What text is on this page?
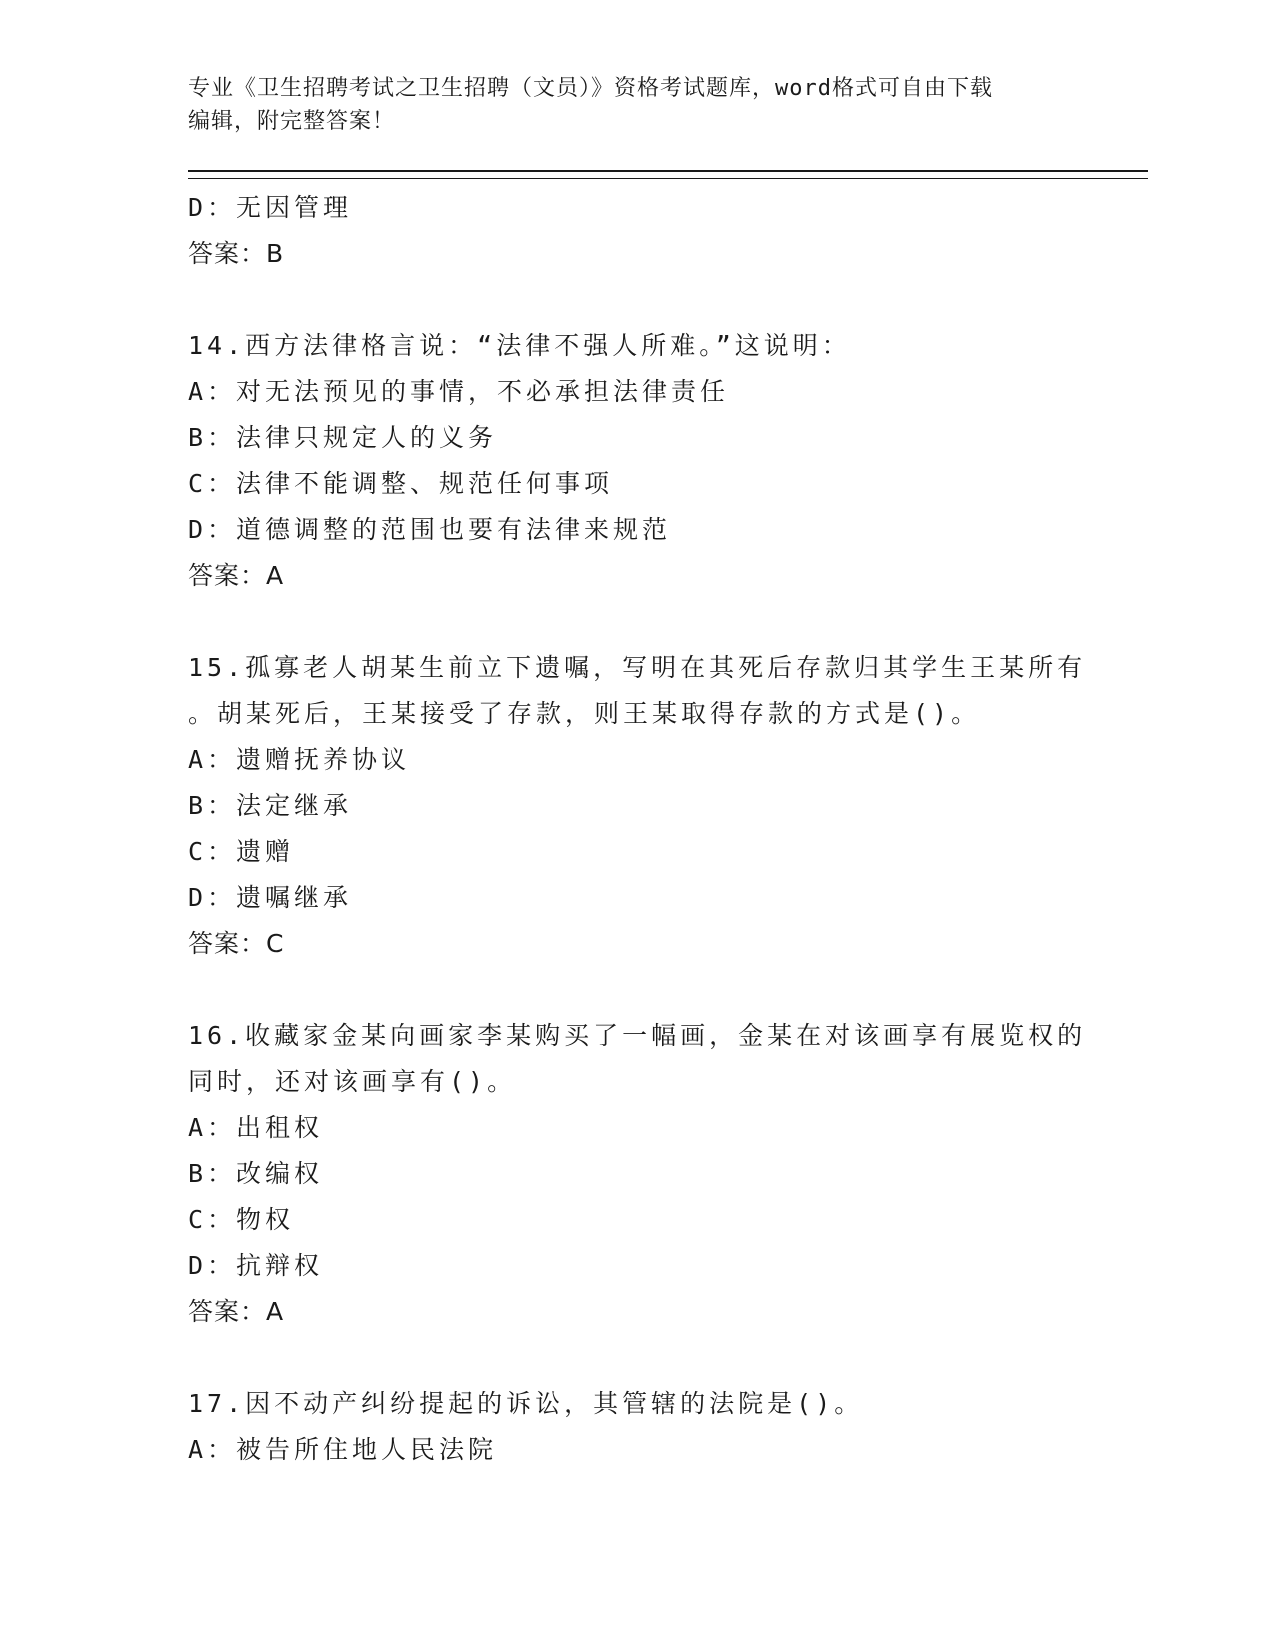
专业《卫生招聘考试之卫生招聘（文员）》资格考试题库，word格式可自由下载
编辑，附完整答案！
D：无因管理
答案：B
14.西方法律格言说：“法律不强人所难。”这说明：
A：对无法预见的事情，不必承担法律责任
B：法律只规定人的义务
C：法律不能调整、规范任何事项
D：道德调整的范围也要有法律来规范
答案：A
15.孤寡老人胡某生前立下遗嘱，写明在其死后存款归其学生王某所有
。胡某死后，王某接受了存款，则王某取得存款的方式是()。
A：遗赠抚养协议
B：法定继承
C：遗赠
D：遗嘱继承
答案：C
16.收藏家金某向画家李某购买了一幅画，金某在对该画享有展览权的
同时，还对该画享有()。
A：出租权
B：改编权
C：物权
D：抗辩权
答案：A
17.因不动产纠纷提起的诉讼，其管辖的法院是()。
A：被告所住地人民法院
